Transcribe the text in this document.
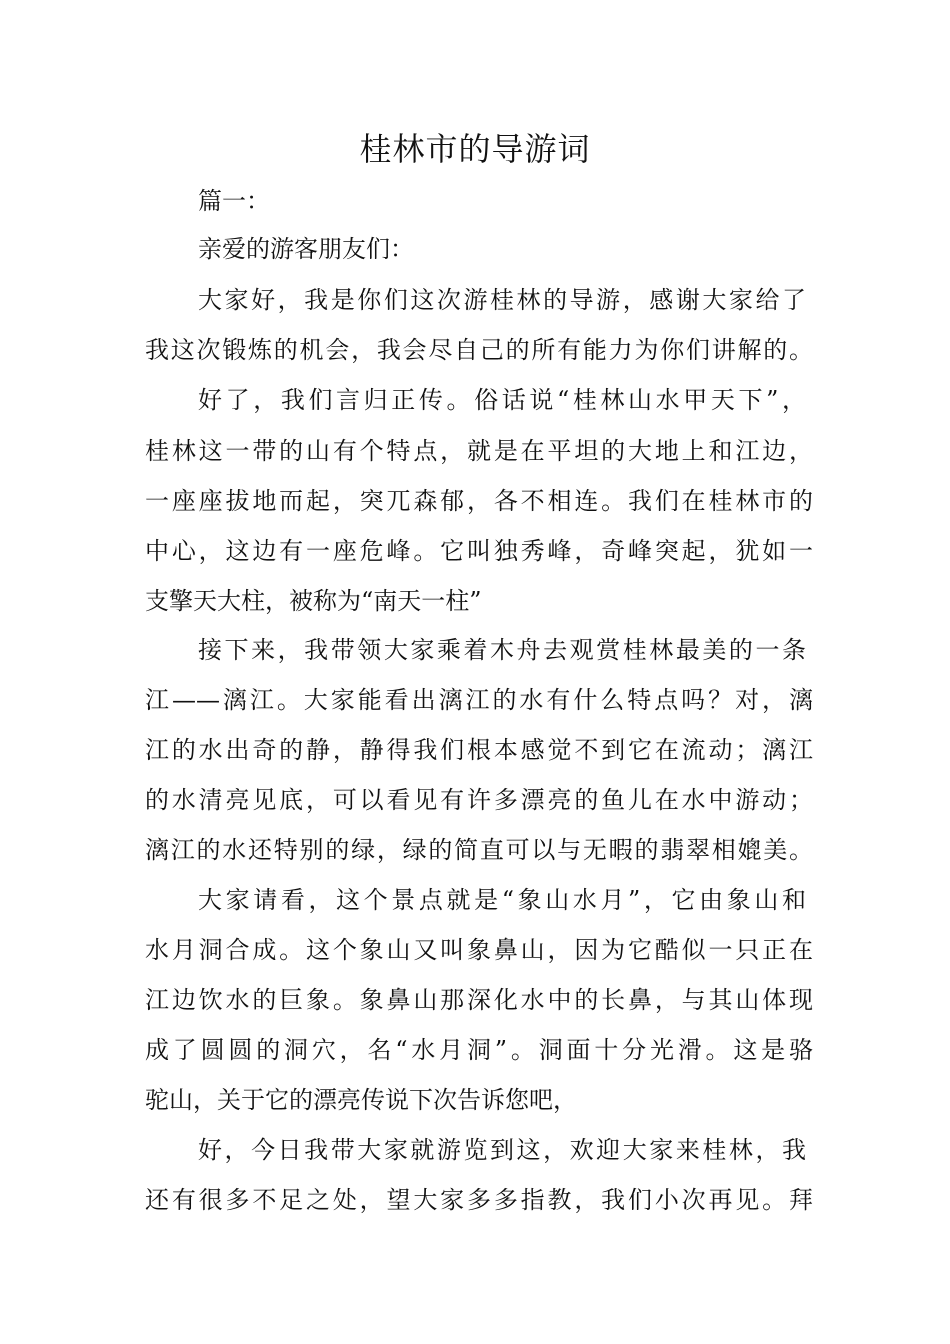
桂林市的导游词
篇一：
亲爱的游客朋友们：
大家好，我是你们这次游桂林的导游，感谢大家给了
我这次锻炼的机会，我会尽自己的所有能力为你们讲解的。
好了，我们言归正传。俗话说“桂林山水甲天下”，
桂林这一带的山有个特点，就是在平坦的大地上和江边，
一座座拔地而起，突兀森郁，各不相连。我们在桂林市的
中心，这边有一座危峰。它叫独秀峰，奇峰突起，犹如一
支擎天大柱，被称为“南天一柱”
接下来，我带领大家乘着木舟去观赏桂林最美的一条
江——漓江。大家能看出漓江的水有什么特点吗？对，漓
江的水出奇的静，静得我们根本感觉不到它在流动；漓江
的水清亮见底，可以看见有许多漂亮的鱼儿在水中游动；
漓江的水还特别的绿，绿的简直可以与无暇的翡翠相媲美。
大家请看，这个景点就是“象山水月”，它由象山和
水月洞合成。这个象山又叫象鼻山，因为它酷似一只正在
江边饮水的巨象。象鼻山那深化水中的长鼻，与其山体现
成了圆圆的洞穴，名“水月洞”。洞面十分光滑。这是骆
驼山，关于它的漂亮传说下次告诉您吧，
好，今日我带大家就游览到这，欢迎大家来桂林，我
还有很多不足之处，望大家多多指教，我们小次再见。拜
